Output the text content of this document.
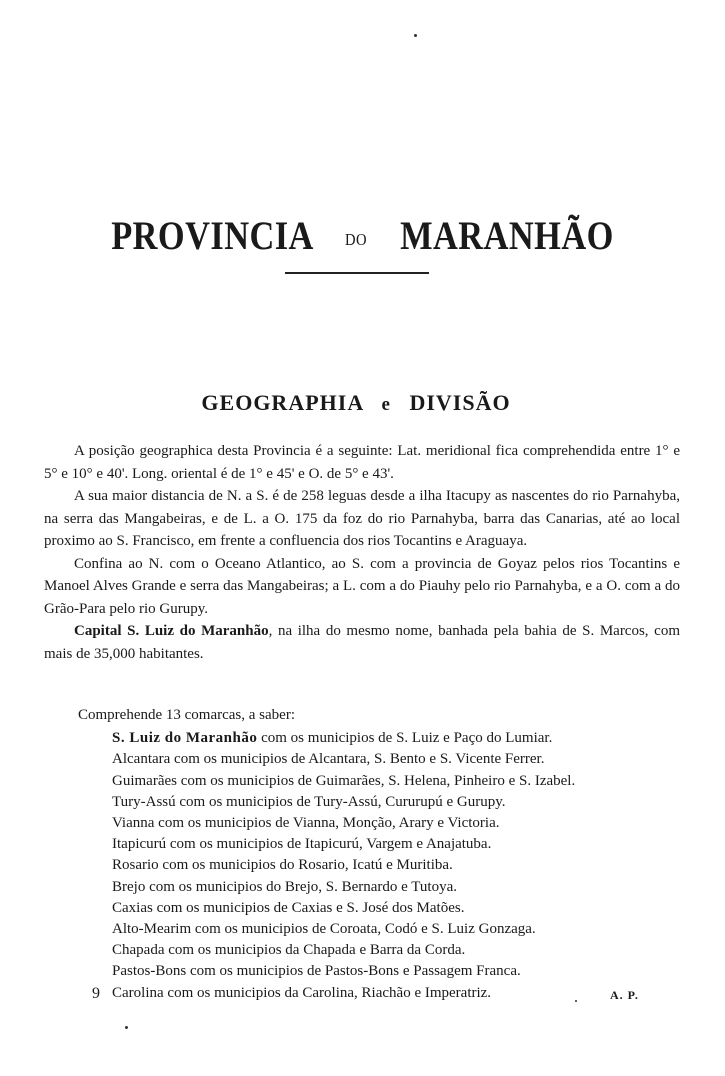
PROVINCIA DO MARANHÃO
GEOGRAPHIA e DIVISÃO

A posição geographica desta Provincia é a seguinte: Lat. meridional fica comprehendida entre 1° e 5° e 10° e 40'. Long. oriental é de 1° e 45' e O. de 5° e 43'.

A sua maior distancia de N. a S. é de 258 leguas desde a ilha Itacupy as nascentes do rio Parnahyba, na serra das Mangabeiras, e de L. a O. 175 da foz do rio Parnahyba, barra das Canarias, até ao local proximo ao S. Francisco, em frente a confluencia dos rios Tocantins e Araguaya.

Confina ao N. com o Oceano Atlantico, ao S. com a provincia de Goyaz pelos rios Tocantins e Manoel Alves Grande e serra das Mangabeiras; a L. com a do Piauhy pelo rio Parnahyba, e a O. com a do Grão-Para pelo rio Gurupy.

Capital S. Luiz do Maranhão, na ilha do mesmo nome, banhada pela bahia de S. Marcos, com mais de 35,000 habitantes.

Comprehende 13 comarcas, a saber:

S. Luiz do Maranhão com os municipios de S. Luiz e Paço do Lumiar.
Alcantara com os municipios de Alcantara, S. Bento e S. Vicente Ferrer.
Guimarães com os municipios de Guimarães, S. Helena, Pinheiro e S. Izabel.
Tury-Assú com os municipios de Tury-Assú, Cururupú e Gurupy.
Vianna com os municipios de Vianna, Monção, Arary e Victoria.
Itapicurú com os municipios de Itapicurú, Vargem e Anajatuba.
Rosario com os municipios do Rosario, Icatú e Muritiba.
Brejo com os municipios do Brejo, S. Bernardo e Tutoya.
Caxias com os municipios de Caxias e S. José dos Matões.
Alto-Mearim com os municipios de Coroata, Codó e S. Luiz Gonzaga.
Chapada com os municipios da Chapada e Barra da Corda.
Pastos-Bons com os municipios de Pastos-Bons e Passagem Franca.
Carolina com os municipios da Carolina, Riachão e Imperatriz.
9	A. P.
